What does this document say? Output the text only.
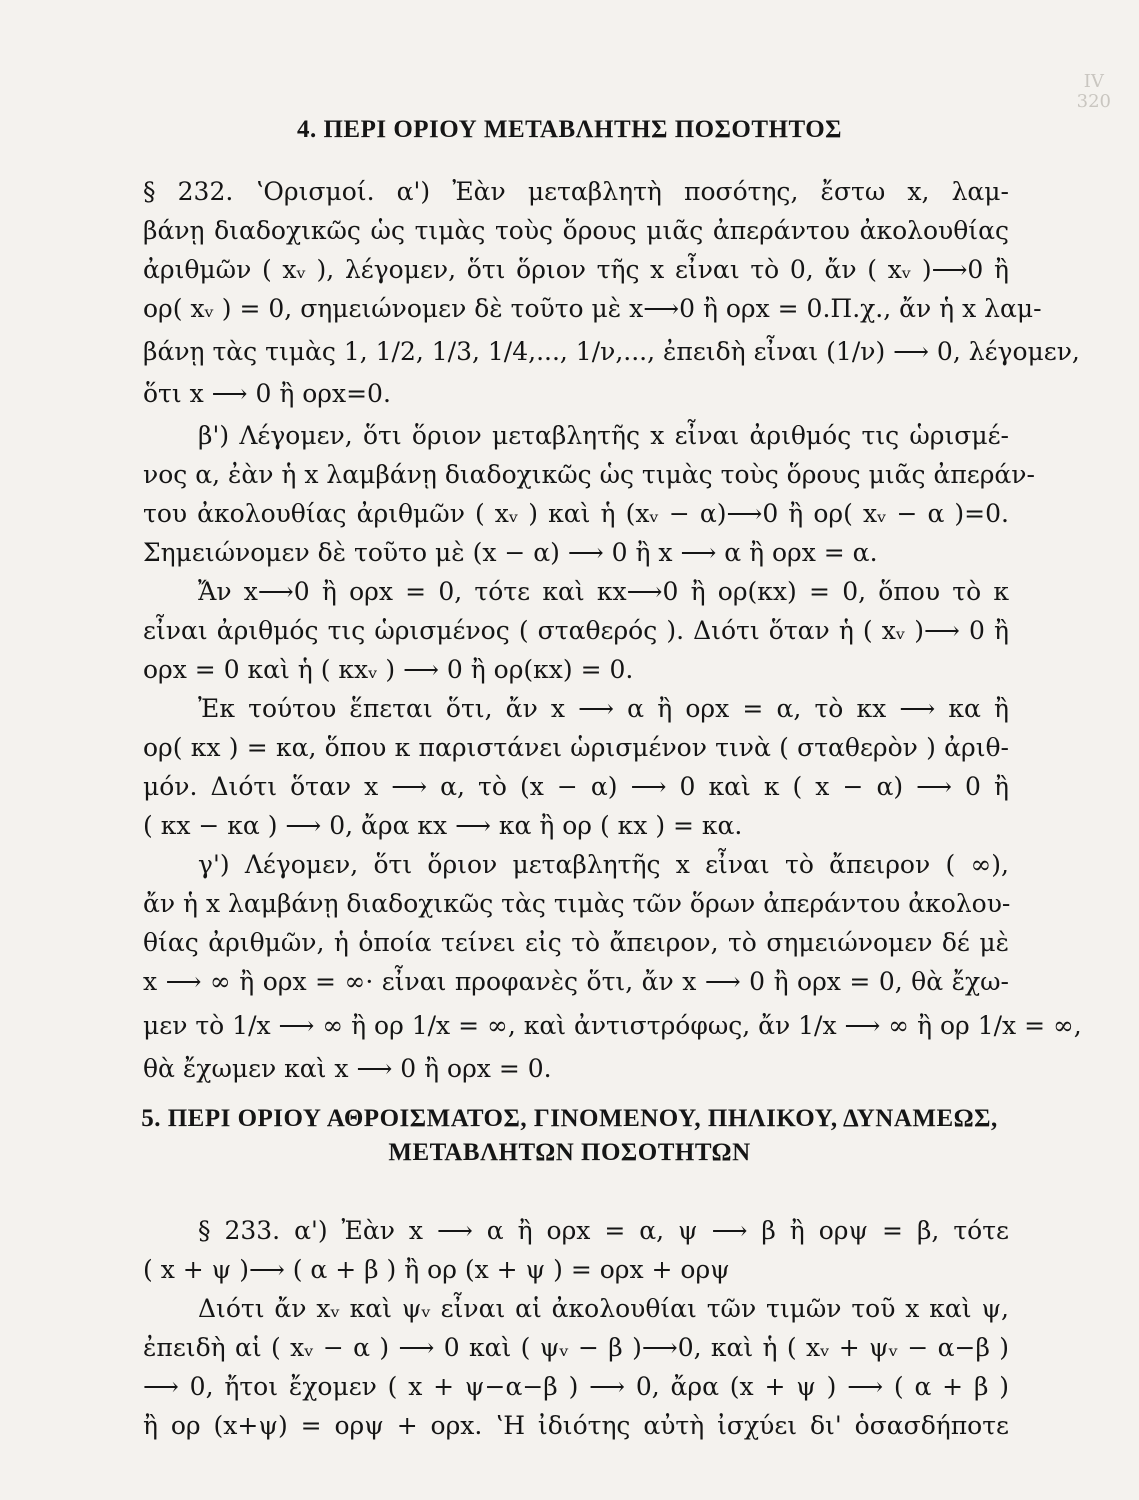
IV
320
4. ΠΕΡΙ ΟΡΙΟΥ ΜΕΤΑΒΛΗΤΗΣ ΠΟΣΟΤΗΤΟΣ
§ 232. ʽΟρισμοί. α') Ἐὰν μεταβλητὴ ποσότης, ἔστω x, λαμ-
βάνῃ διαδοχικῶς ὡς τιμὰς τοὺς ὅρους μιᾶς ἀπεράντου ἀκολουθίας
ἀριθμῶν ( xᵥ ), λέγομεν, ὅτι ὅριον τῆς x εἶναι τὸ 0, ἄν ( xᵥ )⟶0 ἢ
ορ( xᵥ ) = 0, σημειώνομεν δὲ τοῦτο μὲ x⟶0 ἢ ορx = 0.Π.χ., ἄν ἡ x λαμ-
βάνῃ τὰς τιμὰς 1, 1/2, 1/3, 1/4,..., 1/ν,..., ἐπειδὴ εἶναι (1/ν) ⟶ 0, λέγομεν,
ὅτι x ⟶ 0 ἢ ορx=0.
β') Λέγομεν, ὅτι ὅριον μεταβλητῆς x εἶναι ἀριθμός τις ὡρισμέ-
νος α, ἐὰν ἡ x λαμβάνῃ διαδοχικῶς ὡς τιμὰς τοὺς ὅρους μιᾶς ἀπεράν-
του ἀκολουθίας ἀριθμῶν ( xᵥ ) καὶ ἡ (xᵥ − α)⟶0 ἢ ορ( xᵥ − α )=0.
Σημειώνομεν δὲ τοῦτο μὲ (x − α) ⟶ 0 ἢ x ⟶ α ἢ ορx = α.
Ἄν x⟶0 ἢ ορx = 0, τότε καὶ κx⟶0 ἢ ορ(κx) = 0, ὅπου τὸ κ
εἶναι ἀριθμός τις ὡρισμένος ( σταθερός ). Διότι ὅταν ἡ ( xᵥ )⟶ 0 ἢ
ορx = 0 καὶ ἡ ( κxᵥ ) ⟶ 0 ἢ ορ(κx) = 0.
Ἐκ τούτου ἕπεται ὅτι, ἄν x ⟶ α ἢ ορx = α, τὸ κx ⟶ κα ἢ
ορ( κx ) = κα, ὅπου κ παριστάνει ὡρισμένον τινὰ ( σταθερὸν ) ἀριθ-
μόν. Διότι ὅταν x ⟶ α, τὸ (x − α) ⟶ 0 καὶ κ ( x − α) ⟶ 0 ἢ
( κx − κα ) ⟶ 0, ἄρα κx ⟶ κα ἢ ορ ( κx ) = κα.
γ') Λέγομεν, ὅτι ὅριον μεταβλητῆς x εἶναι τὸ ἄπειρον ( ∞),
ἄν ἡ x λαμβάνῃ διαδοχικῶς τὰς τιμὰς τῶν ὅρων ἀπεράντου ἀκολου-
θίας ἀριθμῶν, ἡ ὁποία τείνει εἰς τὸ ἄπειρον, τὸ σημειώνομεν δέ μὲ
x ⟶ ∞ ἢ ορx = ∞· εἶναι προφανὲς ὅτι, ἄν x ⟶ 0 ἢ ορx = 0, θὰ ἔχω-
μεν τὸ 1/x ⟶ ∞ ἢ ορ 1/x = ∞, καὶ ἀντιστρόφως, ἄν 1/x ⟶ ∞ ἢ ορ 1/x = ∞,
θὰ ἔχωμεν καὶ x ⟶ 0 ἢ ορx = 0.
5. ΠΕΡΙ ΟΡΙΟΥ ΑΘΡΟΙΣΜΑΤΟΣ, ΓΙΝΟΜΕΝΟΥ, ΠΗΛΙΚΟΥ, ΔΥΝΑΜΕΩΣ,
ΜΕΤΑΒΛΗΤΩΝ ΠΟΣΟΤΗΤΩΝ
§ 233. α') Ἐὰν x ⟶ α ἢ ορx = α, ψ ⟶ β ἢ ορψ = β, τότε
( x + ψ )⟶ ( α + β ) ἢ ορ (x + ψ ) = ορx + ορψ
Διότι ἄν xᵥ καὶ ψᵥ εἶναι αἱ ἀκολουθίαι τῶν τιμῶν τοῦ x καὶ ψ,
ἐπειδὴ αἱ ( xᵥ − α ) ⟶ 0 καὶ ( ψᵥ − β )⟶0, καὶ ἡ ( xᵥ + ψᵥ − α−β )
⟶ 0, ἤτοι ἔχομεν ( x + ψ−α−β ) ⟶ 0, ἄρα (x + ψ ) ⟶ ( α + β )
ἢ ορ (x+ψ) = ορψ + ορx. ʽΗ ἰδιότης αὐτὴ ἰσχύει δι' ὁσασδήποτε
